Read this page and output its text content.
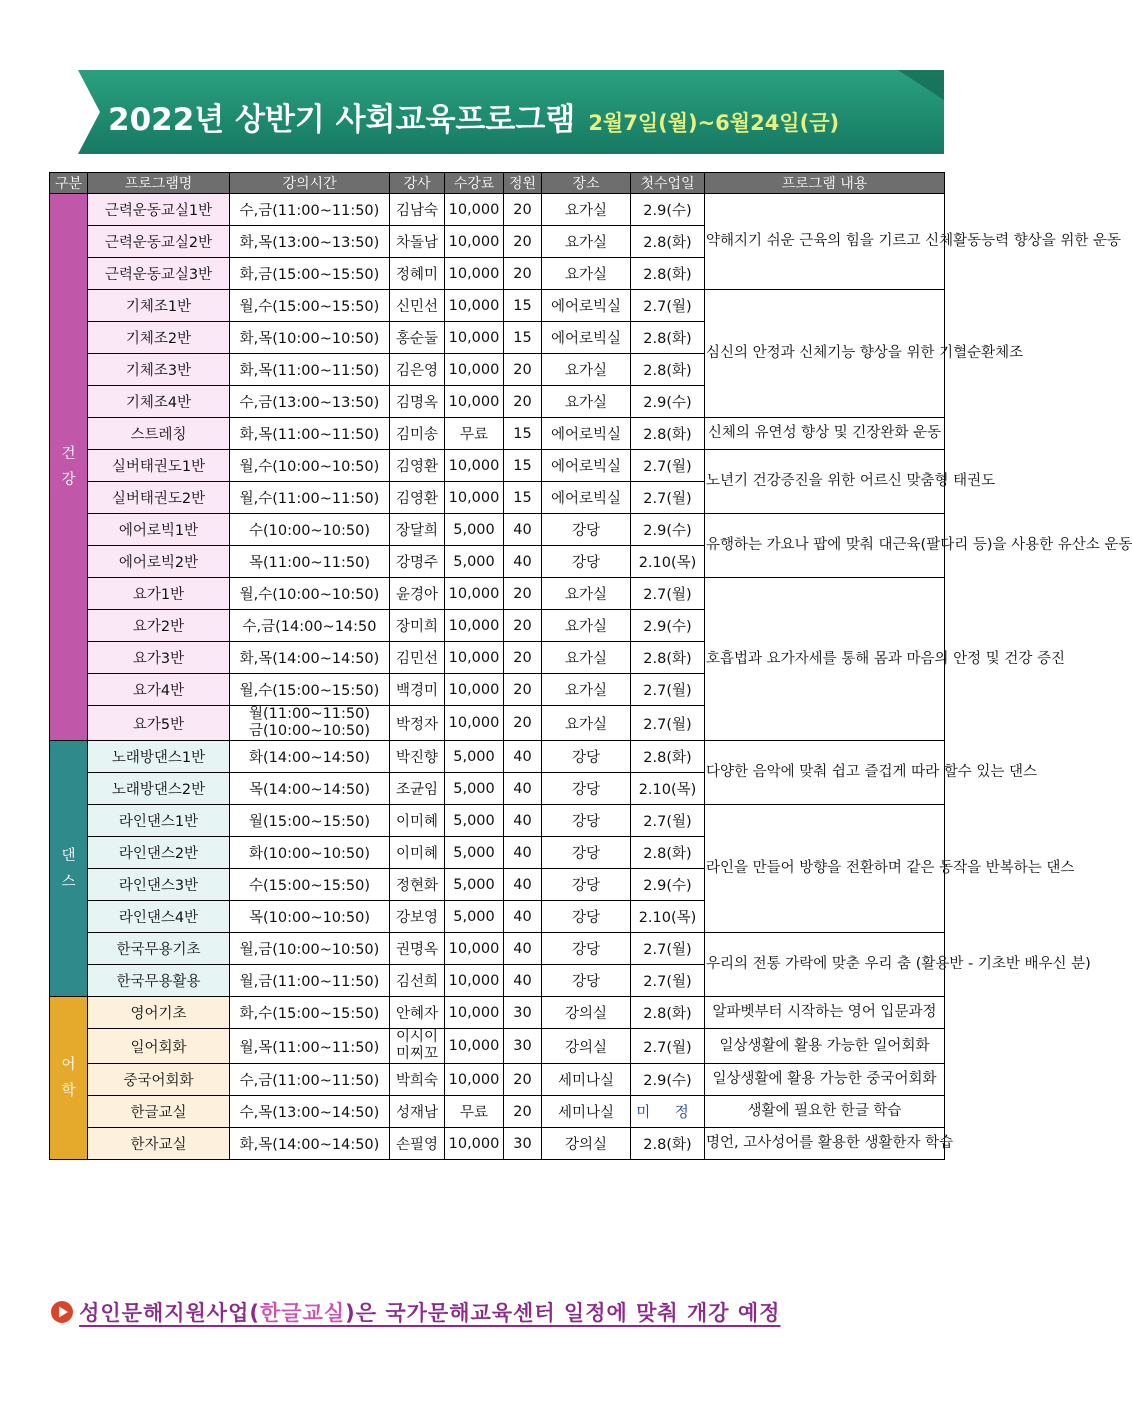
2022년 상반기 사회교육프로그램 2월7일(월)~6월24일(금)
구분	프로그램명	강의시간	강사	수강료	정원	장소	첫수업일	프로그램 내용

건
강	근력운동교실1반	수,금(11:00~11:50)	김남숙	10,000	20	요가실	2.9(수)	약해지기 쉬운 근육의 힘을 기르고 신체활동능력 향상을 위한 운동
	근력운동교실2반	화,목(13:00~13:50)	차돌남	10,000	20	요가실	2.8(화)	
	근력운동교실3반	화,금(15:00~15:50)	정혜미	10,000	20	요가실	2.8(화)	
	기체조1반	월,수(15:00~15:50)	신민선	10,000	15	에어로빅실	2.7(월)	심신의 안정과 신체기능 향상을 위한 기혈순환체조
	기체조2반	화,목(10:00~10:50)	홍순둘	10,000	15	에어로빅실	2.8(화)	
	기체조3반	화,목(11:00~11:50)	김은영	10,000	20	요가실	2.8(화)	
	기체조4반	수,금(13:00~13:50)	김명옥	10,000	20	요가실	2.9(수)	
	스트레칭	화,목(11:00~11:50)	김미송	무료	15	에어로빅실	2.8(화)	신체의 유연성 향상 및 긴장완화 운동
	실버태권도1반	월,수(10:00~10:50)	김영환	10,000	15	에어로빅실	2.7(월)	노년기 건강증진을 위한 어르신 맞춤형 태권도
	실버태권도2반	월,수(11:00~11:50)	김영환	10,000	15	에어로빅실	2.7(월)	
	에어로빅1반	수(10:00~10:50)	장달희	5,000	40	강당	2.9(수)	유행하는 가요나 팝에 맞춰 대근육(팔다리 등)을 사용한 유산소 운동
	에어로빅2반	목(11:00~11:50)	강명주	5,000	40	강당	2.10(목)	
	요가1반	월,수(10:00~10:50)	윤경아	10,000	20	요가실	2.7(월)	호흡법과 요가자세를 통해 몸과 마음의 안정 및 건강 증진
	요가2반	수,금(14:00~14:50	장미희	10,000	20	요가실	2.9(수)	
	요가3반	화,목(14:00~14:50)	김민선	10,000	20	요가실	2.8(화)	
	요가4반	월,수(15:00~15:50)	백경미	10,000	20	요가실	2.7(월)	
	요가5반	월(11:00~11:50)
금(10:00~10:50)	박정자	10,000	20	요가실	2.7(월)	

댄
스	노래방댄스1반	화(14:00~14:50)	박진향	5,000	40	강당	2.8(화)	다양한 음악에 맞춰 쉽고 즐겁게 따라 할수 있는 댄스
	노래방댄스2반	목(14:00~14:50)	조균임	5,000	40	강당	2.10(목)	
	라인댄스1반	월(15:00~15:50)	이미혜	5,000	40	강당	2.7(월)	라인을 만들어 방향을 전환하며 같은 동작을 반복하는 댄스
	라인댄스2반	화(10:00~10:50)	이미혜	5,000	40	강당	2.8(화)	
	라인댄스3반	수(15:00~15:50)	정현화	5,000	40	강당	2.9(수)	
	라인댄스4반	목(10:00~10:50)	강보영	5,000	40	강당	2.10(목)	
	한국무용기초	월,금(10:00~10:50)	권명옥	10,000	40	강당	2.7(월)	우리의 전통 가락에 맞춘 우리 춤 (활용반 - 기초반 배우신 분)
	한국무용활용	월,금(11:00~11:50)	김선희	10,000	40	강당	2.7(월)	

어
학	영어기초	화,수(15:00~15:50)	안혜자	10,000	30	강의실	2.8(화)	알파벳부터 시작하는 영어 입문과정
	일어회화	월,목(11:00~11:50)	이시이
미찌꼬	10,000	30	강의실	2.7(월)	일상생활에 활용 가능한 일어회화
	중국어회화	수,금(11:00~11:50)	박희숙	10,000	20	세미나실	2.9(수)	일상생활에 활용 가능한 중국어회화
	한글교실	수,목(13:00~14:50)	성재남	무료	20	세미나실	미 정	생활에 필요한 한글 학습
	한자교실	화,목(14:00~14:50)	손필영	10,000	30	강의실	2.8(화)	명언, 고사성어를 활용한 생활한자 학습
성인문해지원사업(한글교실)은 국가문해교육센터 일정에 맞춰 개강 예정
